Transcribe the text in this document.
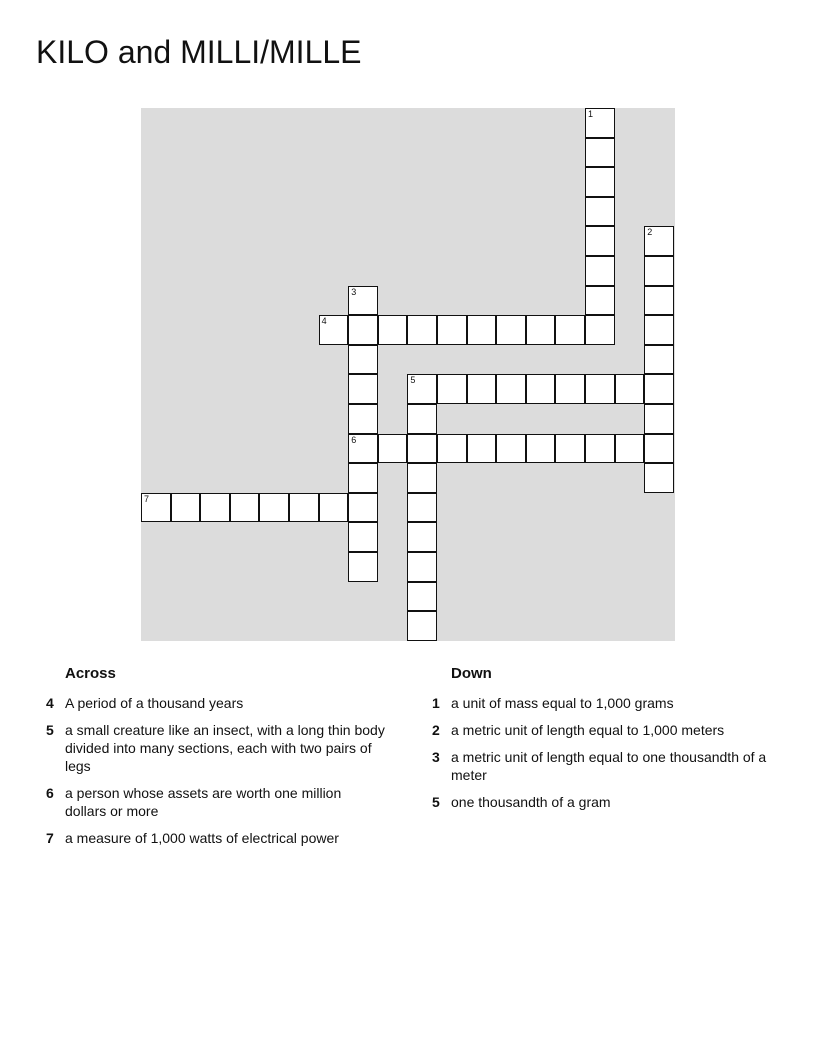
KILO and MILLI/MILLE
1
2
3
6
4
5
7
Across
4 A period of a thousand years
5 a small creature like an insect, with a long thin body divided into many sections, each with two pairs of legs
6 a person whose assets are worth one million dollars or more
7 a measure of 1,000 watts of electrical power
Down
1 a unit of mass equal to 1,000 grams
2 a metric unit of length equal to 1,000 meters
3 a metric unit of length equal to one thousandth of a meter
5 one thousandth of a gram
